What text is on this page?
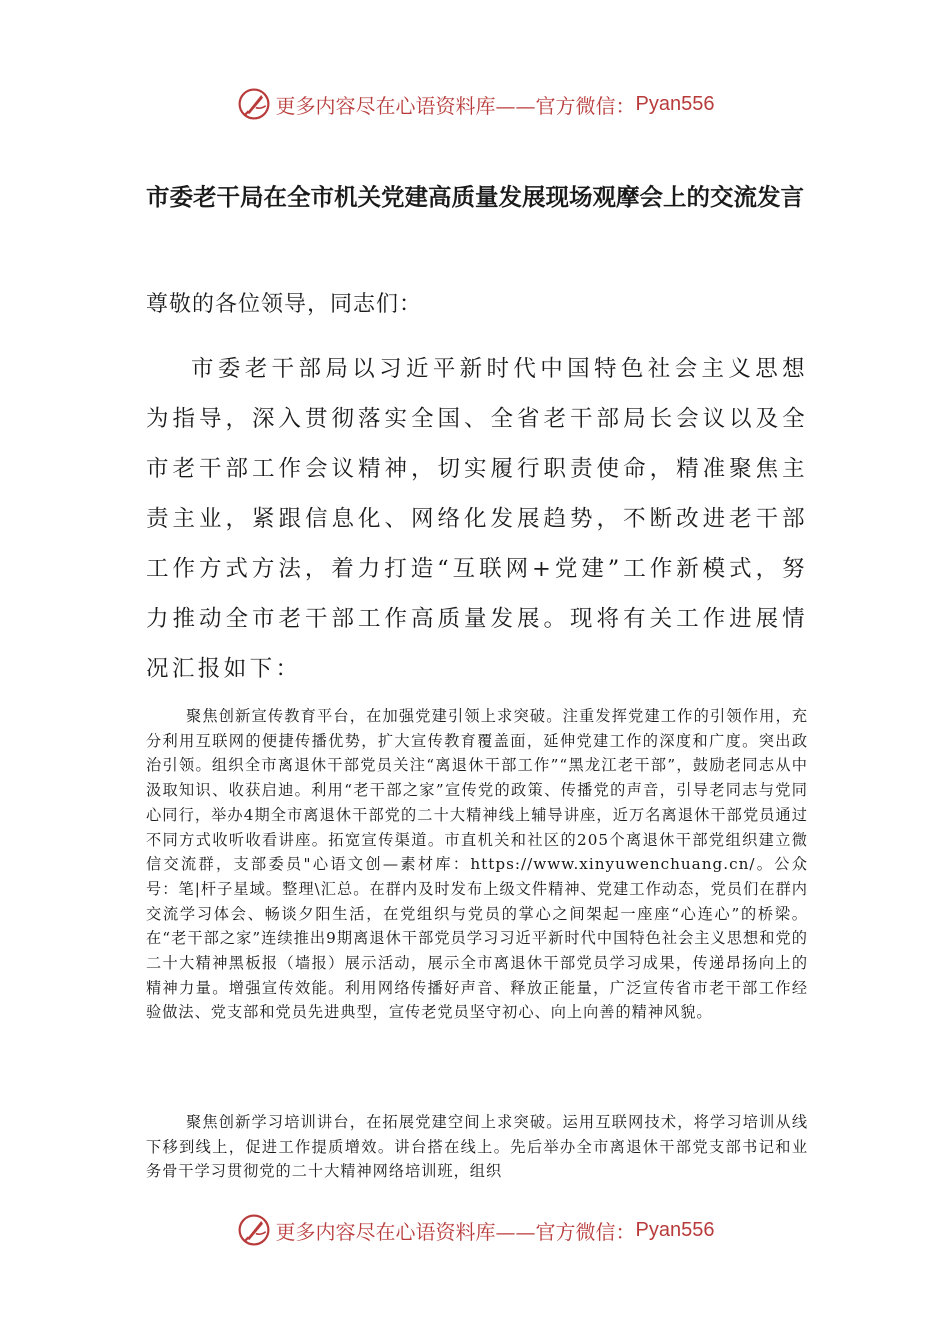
更多内容尽在心语资料库——官方微信： Pyan556
市委老干局在全市机关党建高质量发展现场观摩会上的交流发言
尊敬的各位领导，同志们：
市委老干部局以习近平新时代中国特色社会主义思想为指导，深入贯彻落实全国、全省老干部局长会议以及全市老干部工作会议精神，切实履行职责使命，精准聚焦主责主业，紧跟信息化、网络化发展趋势，不断改进老干部工作方式方法，着力打造“互联网+党建”工作新模式，努力推动全市老干部工作高质量发展。现将有关工作进展情况汇报如下：
聚焦创新宣传教育平台，在加强党建引领上求突破。注重发挥党建工作的引领作用，充分利用互联网的便捷传播优势，扩大宣传教育覆盖面，延伸党建工作的深度和广度。突出政治引领。组织全市离退休干部党员关注“离退休干部工作”“黑龙江老干部”，鼓励老同志从中汲取知识、收获启迪。利用“老干部之家”宣传党的政策、传播党的声音，引导老同志与党同心同行，举办4期全市离退休干部党的二十大精神线上辅导讲座，近万名离退休干部党员通过不同方式收听收看讲座。拓宽宣传渠道。市直机关和社区的205个离退休干部党组织建立微信交流群，支部委员"心语文创—素材库：https://www.xinyuwenchuang.cn/。公众号：笔|杆子星域。整理\汇总。在群内及时发布上级文件精神、党建工作动态，党员们在群内交流学习体会、畅谈夕阳生活，在党组织与党员的掌心之间架起一座座“心连心”的桥梁。在“老干部之家”连续推出9期离退休干部党员学习习近平新时代中国特色社会主义思想和党的二十大精神黑板报（墙报）展示活动，展示全市离退休干部党员学习成果，传递昂扬向上的精神力量。增强宣传效能。利用网络传播好声音、释放正能量，广泛宣传省市老干部工作经验做法、党支部和党员先进典型，宣传老党员坚守初心、向上向善的精神风貌。
聚焦创新学习培训讲台，在拓展党建空间上求突破。运用互联网技术，将学习培训从线下移到线上，促进工作提质增效。讲台搭在线上。先后举办全市离退休干部党支部书记和业务骨干学习贯彻党的二十大精神网络培训班，组织
更多内容尽在心语资料库——官方微信： Pyan556
